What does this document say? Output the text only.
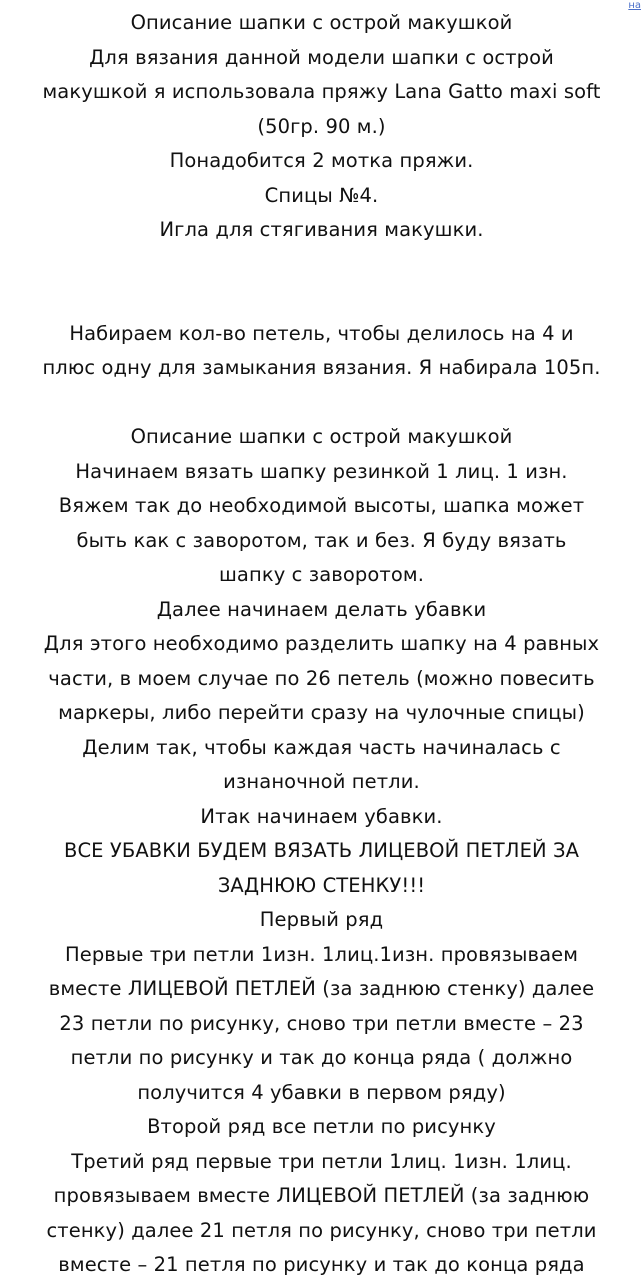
на
Описание шапки с острой макушкой
Для вязания данной модели шапки с острой
макушкой я использовала пряжу Lana Gatto maxi soft
(50гр. 90 м.)
Понадобится 2 мотка пряжи.
Спицы №4.
Игла для стягивания макушки.
Набираем кол-во петель, чтобы делилось на 4 и
плюс одну для замыкания вязания. Я набирала 105п.
Описание шапки с острой макушкой
Начинаем вязать шапку резинкой 1 лиц. 1 изн.
Вяжем так до необходимой высоты, шапка может
быть как с заворотом, так и без. Я буду вязать
шапку с заворотом.
Далее начинаем делать убавки
Для этого необходимо разделить шапку на 4 равных
части, в моем случае по 26 петель (можно повесить
маркеры, либо перейти сразу на чулочные спицы)
Делим так, чтобы каждая часть начиналась с
изнаночной петли.
Итак начинаем убавки.
ВСЕ УБАВКИ БУДЕМ ВЯЗАТЬ ЛИЦЕВОЙ ПЕТЛЕЙ ЗА
ЗАДНЮЮ СТЕНКУ!!!
Первый ряд
Первые три петли 1изн. 1лиц.1изн. провязываем
вместе ЛИЦЕВОЙ ПЕТЛЕЙ (за заднюю стенку) далее
23 петли по рисунку, сново три петли вместе – 23
петли по рисунку и так до конца ряда ( должно
получится 4 убавки в первом ряду)
Второй ряд все петли по рисунку
Третий ряд первые три петли 1лиц. 1изн. 1лиц.
провязываем вместе ЛИЦЕВОЙ ПЕТЛЕЙ (за заднюю
стенку) далее 21 петля по рисунку, сново три петли
вместе – 21 петля по рисунку и так до конца ряда
